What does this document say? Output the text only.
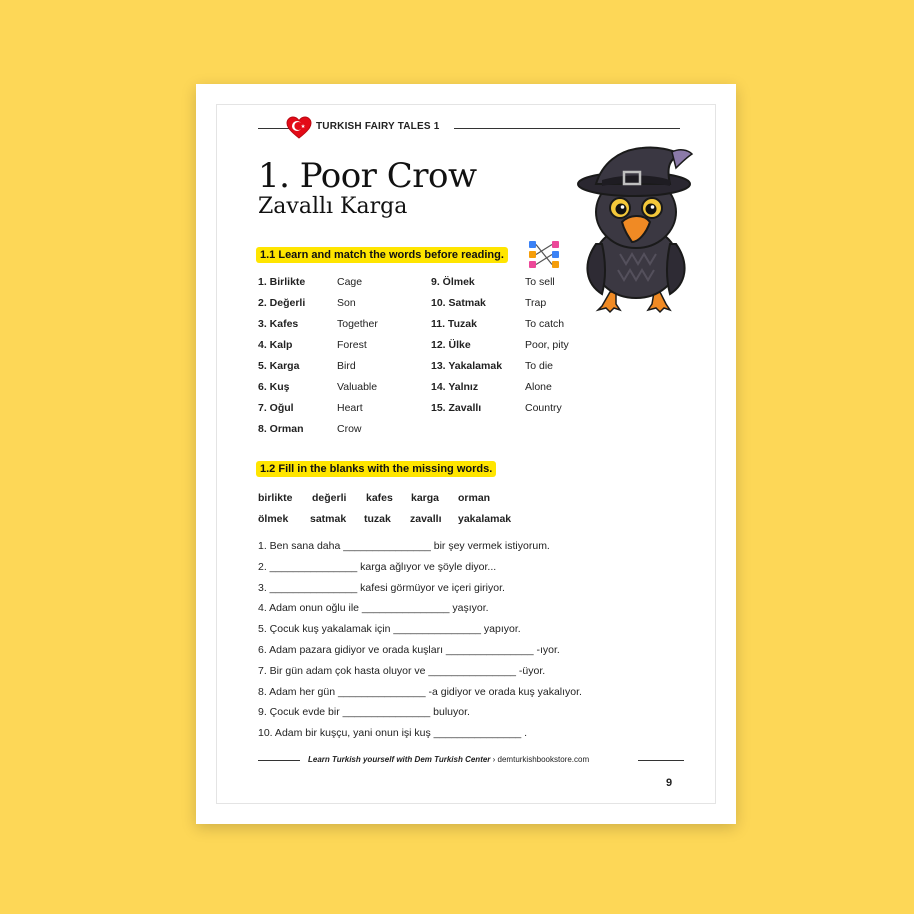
TURKISH FAIRY TALES 1
1. Poor Crow
Zavallı Karga
1.1 Learn and match the words before reading.
1. Birlikte
2. Değerli
3. Kafes
4. Kalp
5. Karga
6. Kuş
7. Oğul
8. Orman
Cage
Son
Together
Forest
Bird
Valuable
Heart
Crow
9. Ölmek
10. Satmak
11. Tuzak
12. Ülke
13. Yakalamak
14. Yalnız
15. Zavallı
To sell
Trap
To catch
Poor, pity
To die
Alone
Country
1.2 Fill in the blanks with the missing words.
birlikte değerli kafes karga orman
ölmek satmak tuzak zavallı yakalamak
1. Ben sana daha _______________ bir şey vermek istiyorum.
2. _______________ karga ağlıyor ve şöyle diyor...
3. _______________ kafesi görmüyor ve içeri giriyor.
4. Adam onun oğlu ile _______________ yaşıyor.
5. Çocuk kuş yakalamak için _______________ yapıyor.
6. Adam pazara gidiyor ve orada kuşları _______________ -ıyor.
7. Bir gün adam çok hasta oluyor ve _______________ -üyor.
8. Adam her gün _______________ -a gidiyor ve orada kuş yakalıyor.
9. Çocuk evde bir _______________ buluyor.
10. Adam bir kuşçu, yani onun işi kuş _______________ .
Learn Turkish yourself with Dem Turkish Center › demturkishbookstore.com
9
